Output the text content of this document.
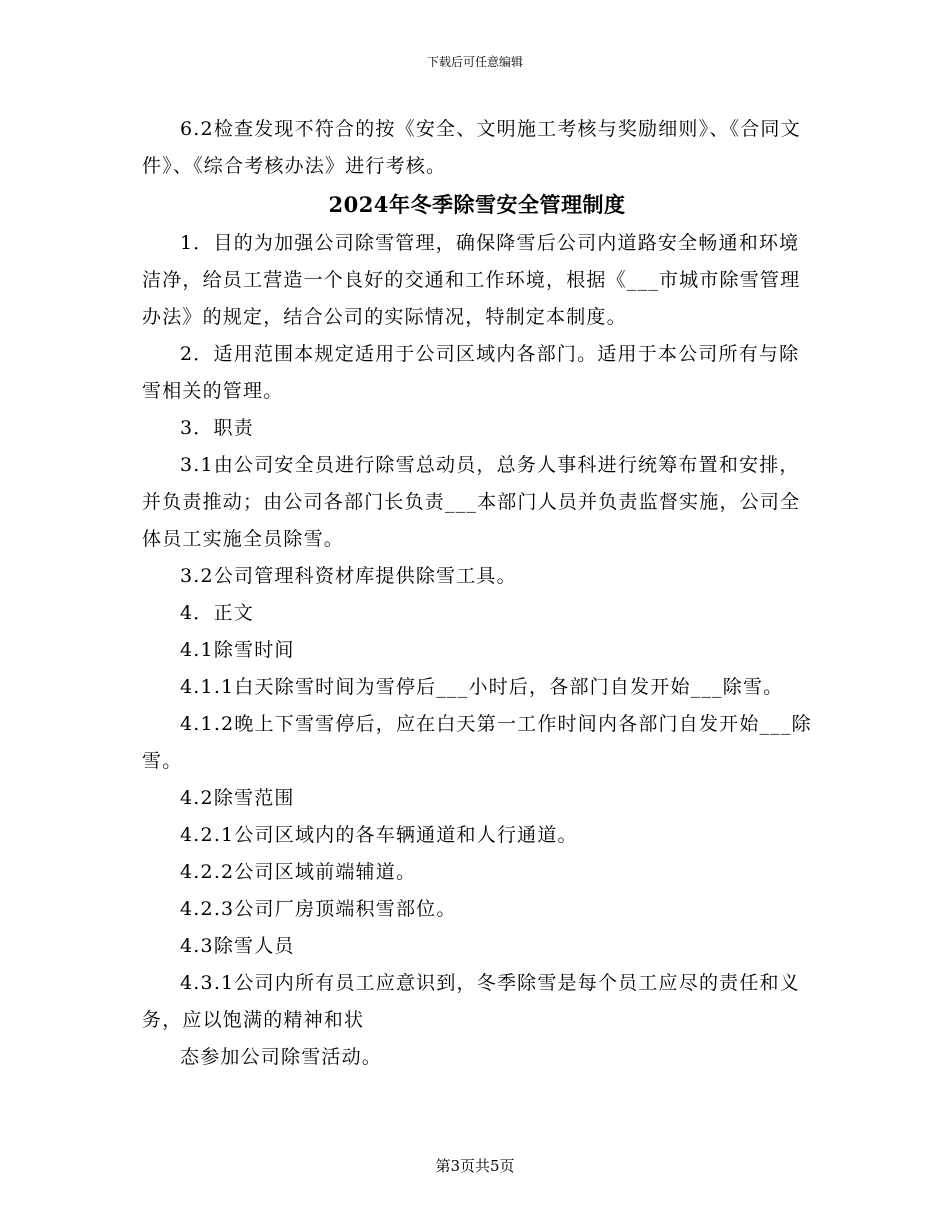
下载后可任意编辑

6.2检查发现不符合的按《安全、文明施工考核与奖励细则》、《合同文件》、《综合考核办法》进行考核。

2024年冬季除雪安全管理制度

1．目的为加强公司除雪管理，确保降雪后公司内道路安全畅通和环境洁净，给员工营造一个良好的交通和工作环境，根据《___市城市除雪管理办法》的规定，结合公司的实际情况，特制定本制度。

2．适用范围本规定适用于公司区域内各部门。适用于本公司所有与除雪相关的管理。

3．职责

3.1由公司安全员进行除雪总动员，总务人事科进行统筹布置和安排，并负责推动；由公司各部门长负责___本部门人员并负责监督实施，公司全体员工实施全员除雪。

3.2公司管理科资材库提供除雪工具。

4．正文

4.1除雪时间

4.1.1白天除雪时间为雪停后___小时后，各部门自发开始___除雪。

4.1.2晚上下雪雪停后，应在白天第一工作时间内各部门自发开始___除雪。

4.2除雪范围

4.2.1公司区域内的各车辆通道和人行通道。

4.2.2公司区域前端辅道。

4.2.3公司厂房顶端积雪部位。

4.3除雪人员

4.3.1公司内所有员工应意识到，冬季除雪是每个员工应尽的责任和义务，应以饱满的精神和状

态参加公司除雪活动。

第3页共5页
